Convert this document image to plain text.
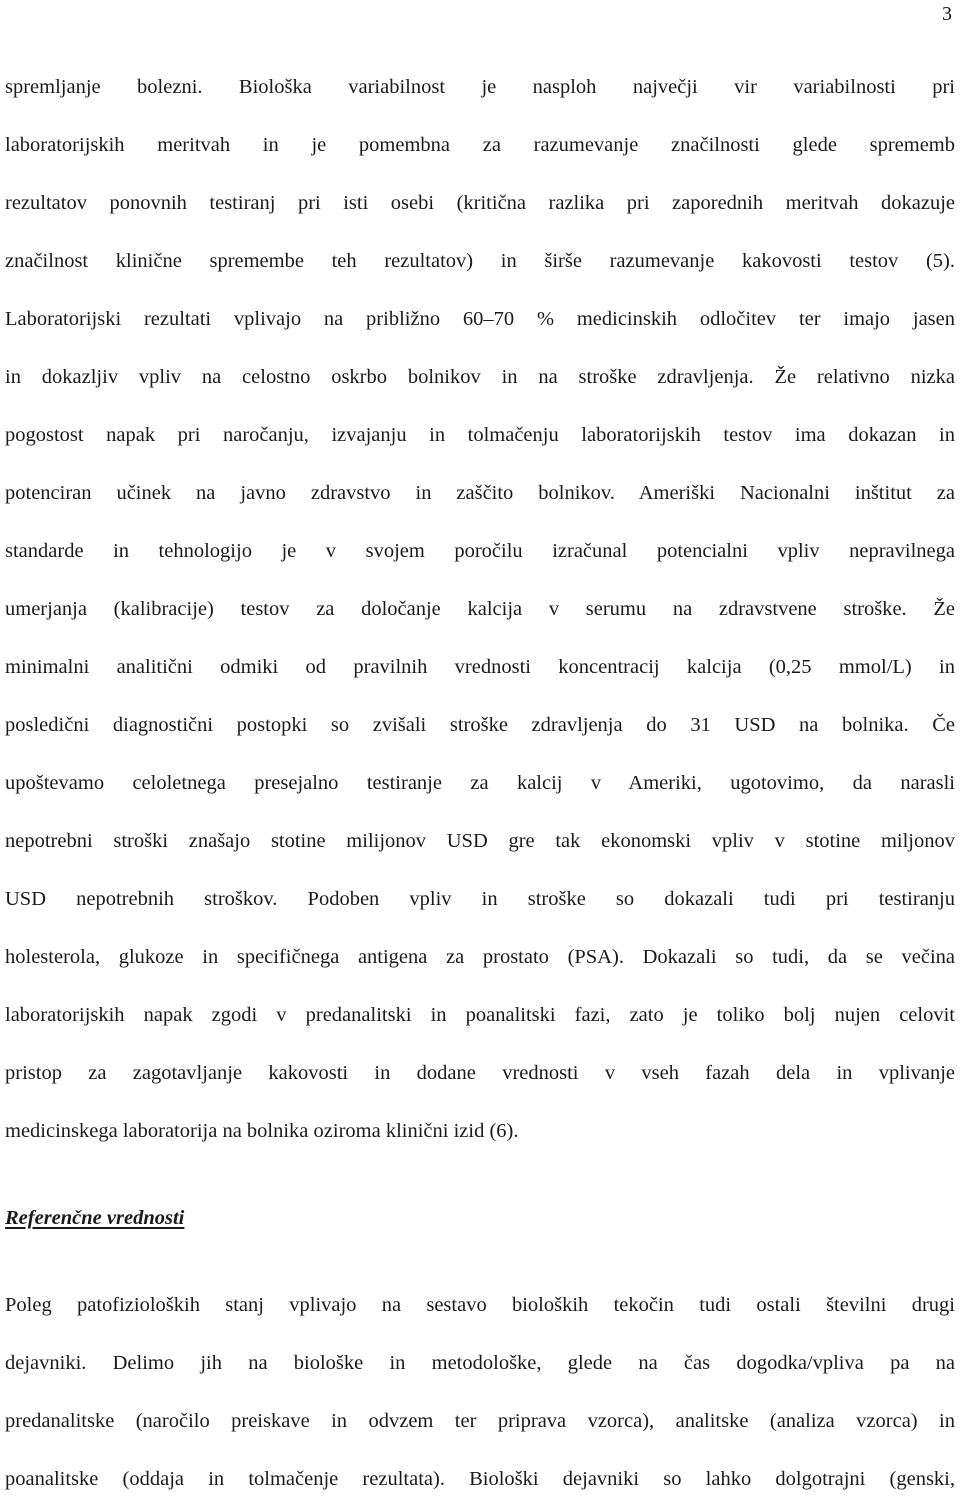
3

spremljanje bolezni. Biološka variabilnost je nasploh največji vir variabilnosti pri
laboratorijskih meritvah in je pomembna za razumevanje značilnosti glede sprememb
rezultatov ponovnih testiranj pri isti osebi (kritična razlika pri zaporednih meritvah dokazuje
značilnost klinične spremembe teh rezultatov) in širše razumevanje kakovosti testov (5).
Laboratorijski rezultati vplivajo na približno 60–70 % medicinskih odločitev ter imajo jasen
in dokazljiv vpliv na celostno oskrbo bolnikov in na stroške zdravljenja. Že relativno nizka
pogostost napak pri naročanju, izvajanju in tolmačenju laboratorijskih testov ima dokazan in
potenciran učinek na javno zdravstvo in zaščito bolnikov. Ameriški Nacionalni inštitut za
standarde in tehnologijo je v svojem poročilu izračunal potencialni vpliv nepravilnega
umerjanja (kalibracije) testov za določanje kalcija v serumu na zdravstvene stroške. Že
minimalni analitični odmiki od pravilnih vrednosti koncentracij kalcija (0,25 mmol/L) in
posledični diagnostični postopki so zvišali stroške zdravljenja do 31 USD na bolnika. Če
upoštevamo celoletnega presejalno testiranje za kalcij v Ameriki, ugotovimo, da narasli
nepotrebni stroški znašajo stotine milijonov USD gre tak ekonomski vpliv v stotine miljonov
USD nepotrebnih stroškov. Podoben vpliv in stroške so dokazali tudi pri testiranju
holesterola, glukoze in specifičnega antigena za prostato (PSA). Dokazali so tudi, da se večina
laboratorijskih napak zgodi v predanalitski in poanalitski fazi, zato je toliko bolj nujen celovit
pristop za zagotavljanje kakovosti in dodane vrednosti v vseh fazah dela in vplivanje
medicinskega laboratorija na bolnika oziroma klinični izid (6).

Referenčne vrednosti

Poleg patofizioloških stanj vplivajo na sestavo bioloških tekočin tudi ostali številni drugi
dejavniki. Delimo jih na biološke in metodološke, glede na čas dogodka/vpliva pa na
predanalitske (naročilo preiskave in odvzem ter priprava vzorca), analitske (analiza vzorca) in
poanalitske (oddaja in tolmačenje rezultata). Biološki dejavniki so lahko dolgotrajni (genski,
